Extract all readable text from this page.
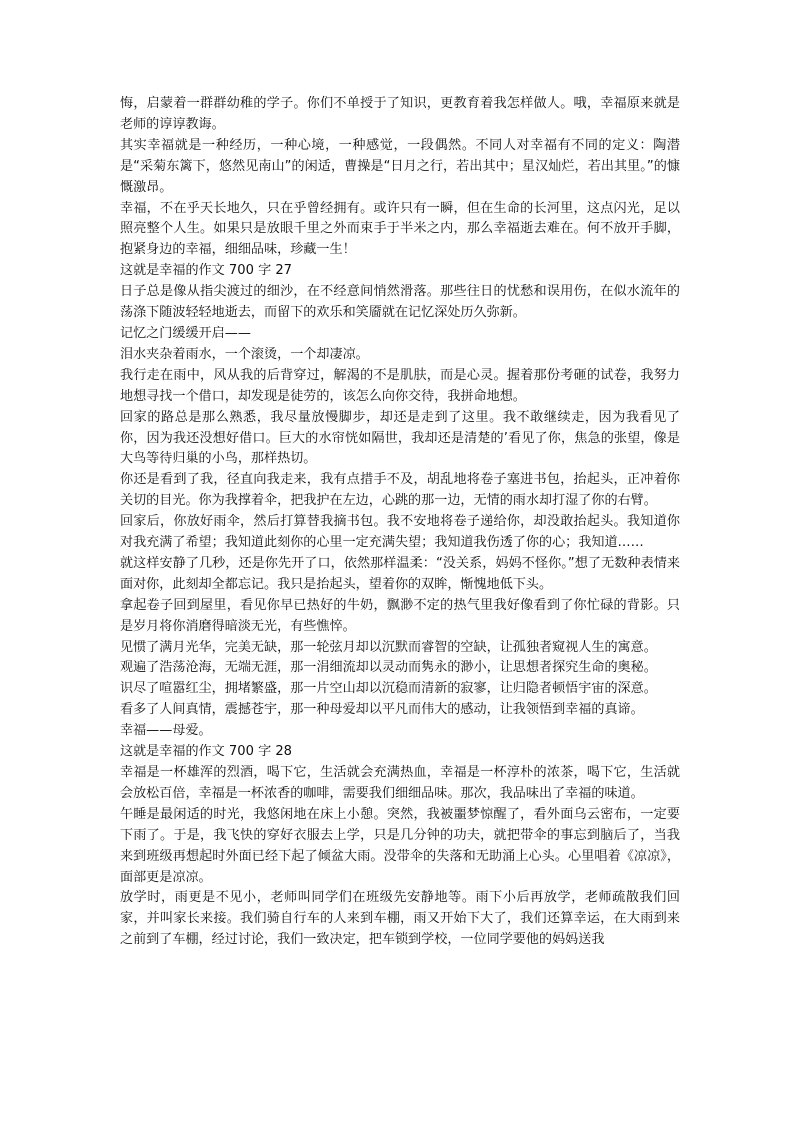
悔，启蒙着一群群幼稚的学子。你们不单授于了知识，更教育着我怎样做人。哦，幸福原来就是老师的谆谆教诲。

其实幸福就是一种经历，一种心境，一种感觉，一段偶然。不同人对幸福有不同的定义：陶潜是“采菊东篱下，悠然见南山”的闲适，曹操是“日月之行，若出其中；星汉灿烂，若出其里。”的慷慨激昂。

幸福，不在乎天长地久，只在乎曾经拥有。或许只有一瞬，但在生命的长河里，这点闪光，足以照亮整个人生。如果只是放眼千里之外而束手于半米之内，那么幸福逝去难在。何不放开手脚，抱紧身边的幸福，细细品味，珍藏一生！

这就是幸福的作文 700 字 27

日子总是像从指尖渡过的细沙，在不经意间悄然滑落。那些往日的忧愁和误用伤，在似水流年的荡涤下随波轻轻地逝去，而留下的欢乐和笑靥就在记忆深处历久弥新。

记忆之门缓缓开启——

泪水夹杂着雨水，一个滚烫，一个却凄凉。

我行走在雨中，风从我的后背穿过，解渴的不是肌肤，而是心灵。握着那份考砸的试卷，我努力地想寻找一个借口，却发现是徒劳的，该怎么向你交待，我拼命地想。

回家的路总是那么熟悉，我尽量放慢脚步，却还是走到了这里。我不敢继续走，因为我看见了你，因为我还没想好借口。巨大的水帘恍如隔世，我却还是清楚的’看见了你，焦急的张望，像是大鸟等待归巢的小鸟，那样热切。

你还是看到了我，径直向我走来，我有点措手不及，胡乱地将卷子塞进书包，抬起头，正冲着你关切的目光。你为我撑着伞，把我护在左边，心跳的那一边，无情的雨水却打湿了你的右臂。

回家后，你放好雨伞，然后打算替我摘书包。我不安地将卷子递给你，却没敢抬起头。我知道你对我充满了希望；我知道此刻你的心里一定充满失望；我知道我伤透了你的心；我知道……

就这样安静了几秒，还是你先开了口，依然那样温柔：“没关系，妈妈不怪你。”想了无数种表情来面对你，此刻却全都忘记。我只是抬起头，望着你的双眸，惭愧地低下头。

拿起卷子回到屋里，看见你早已热好的牛奶，飘渺不定的热气里我好像看到了你忙碌的背影。只是岁月将你消磨得暗淡无光，有些憔悴。

见惯了满月光华，完美无缺，那一轮弦月却以沉默而睿智的空缺，让孤独者窥视人生的寓意。

观遍了浩荡沧海，无端无涯，那一涓细流却以灵动而隽永的渺小，让思想者探究生命的奥秘。

识尽了喧嚣红尘，拥堵繁盛，那一片空山却以沉稳而清新的寂寥，让归隐者顿悟宇宙的深意。

看多了人间真情，震撼苍宇，那一种母爱却以平凡而伟大的感动，让我领悟到幸福的真谛。

幸福——母爱。

这就是幸福的作文 700 字 28

幸福是一杯雄浑的烈酒，喝下它，生活就会充满热血，幸福是一杯淳朴的浓茶，喝下它，生活就会放松百倍，幸福是一杯浓香的咖啡，需要我们细细品味。那次，我品味出了幸福的味道。

午睡是最闲适的时光，我悠闲地在床上小憩。突然，我被噩梦惊醒了，看外面乌云密布，一定要下雨了。于是，我飞快的穿好衣服去上学，只是几分钟的功夫，就把带伞的事忘到脑后了，当我来到班级再想起时外面已经下起了倾盆大雨。没带伞的失落和无助涌上心头。心里唱着《凉凉》，面部更是凉凉。

放学时，雨更是不见小，老师叫同学们在班级先安静地等。雨下小后再放学，老师疏散我们回家，并叫家长来接。我们骑自行车的人来到车棚，雨又开始下大了，我们还算幸运，在大雨到来之前到了车棚，经过讨论，我们一致决定，把车锁到学校，一位同学要他的妈妈送我
